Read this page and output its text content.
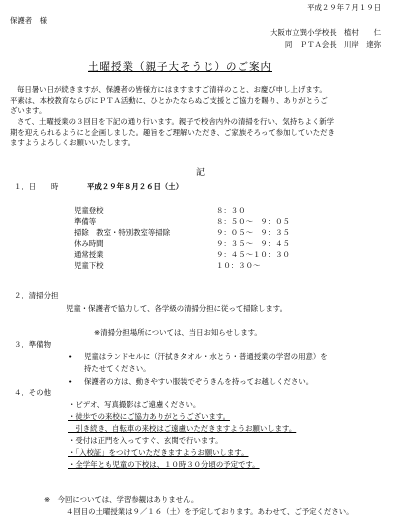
平成２９年７月１９日
保護者　様
大阪市立巽小学校長　植村　　仁
同　ＰＴＡ会長　川岸　達弥
土曜授業（親子大そうじ）のご案内
毎日暑い日が続きますが、保護者の皆様方にはますますご清祥のこと、お慶び申し上げます。
平素は、本校教育ならびにＰＴＡ活動に、ひとかたならぬご支援とご協力を賜り、ありがとうご
ざいます。
さて、土曜授業の３回目を下記の通り行います。親子で校舎内外の清掃を行い、気持ちよく新学
期を迎えられるようにと企画しました。趣旨をご理解いただき、ご家族そろって参加していただき
ますようよろしくお願いいたします。
記
１．日　　時	平成２９年８月２６日（土）
児童登校	８：３０
準備等	８：５０～　９：０５
掃除　教室・特別教室等掃除	９：０５～　９：３５
休み時間	９：３５～　９：４５
通常授業	９：４５～１０：３０
児童下校	１０：３０～
２．清掃分担
児童・保護者で協力して、各学級の清掃分担に従って掃除します。
※清掃分担場所については、当日お知らせします。
３．準備物
• 児童はランドセルに（汗拭きタオル・水とう・普通授業の学習の用意）を
持たせてください。
• 保護者の方は、動きやすい服装でぞうきんを持ってお越しください。
４．その他
・ビデオ、写真撮影はご遠慮ください。
・徒歩での来校にご協力ありがとうございます。
　引き続き、自転車の来校はご遠慮いただきますようお願いします。
・受付は正門を入ってすぐ、玄関で行います。
・「入校証」をつけていただきますようお願いします。
・全学年とも児童の下校は、１０時３０分頃の予定です。
※　今回については、学習参観はありません。
４回目の土曜授業は９／１６（土）を予定しております。あわせて、ご予定ください。
